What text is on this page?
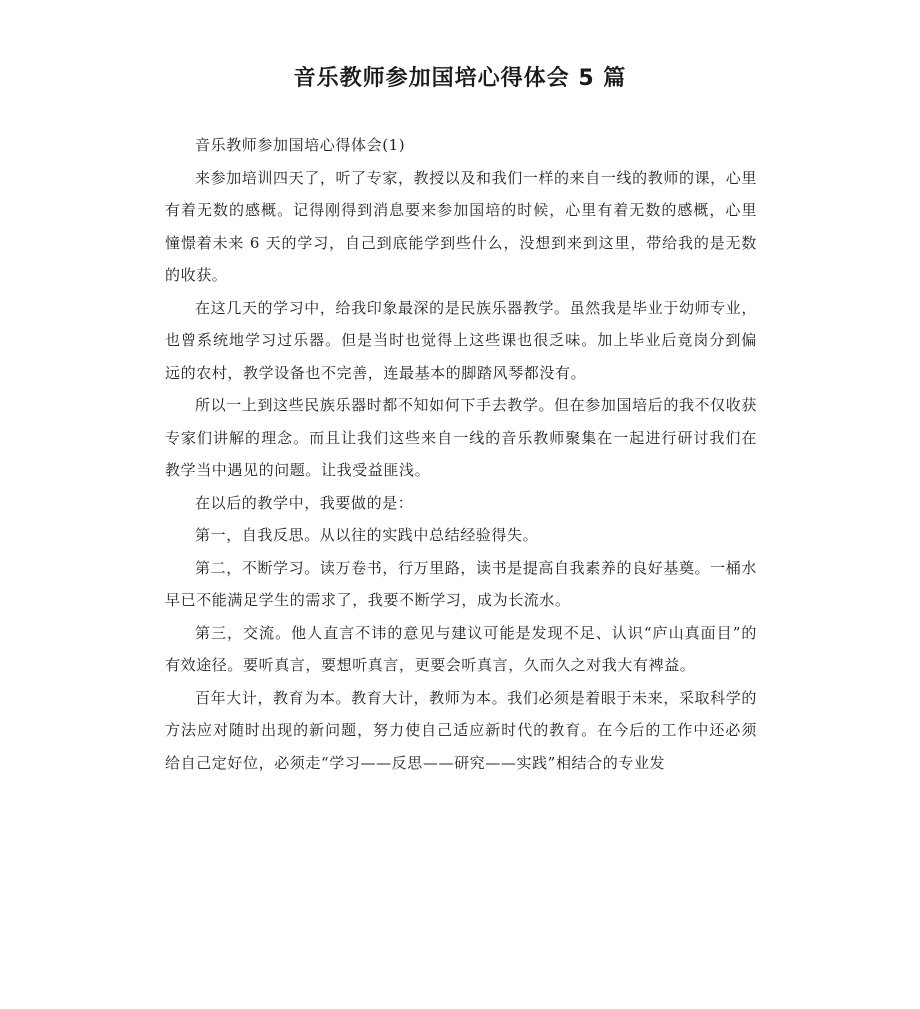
音乐教师参加国培心得体会 5 篇

音乐教师参加国培心得体会(1)

来参加培训四天了，听了专家，教授以及和我们一样的来自一线的教师的课，心里有着无数的感概。记得刚得到消息要来参加国培的时候，心里有着无数的感概，心里憧憬着未来 6 天的学习，自己到底能学到些什么，没想到来到这里，带给我的是无数的收获。

在这几天的学习中，给我印象最深的是民族乐器教学。虽然我是毕业于幼师专业，也曾系统地学习过乐器。但是当时也觉得上这些课也很乏味。加上毕业后竟岗分到偏远的农村，教学设备也不完善，连最基本的脚踏风琴都没有。

所以一上到这些民族乐器时都不知如何下手去教学。但在参加国培后的我不仅收获专家们讲解的理念。而且让我们这些来自一线的音乐教师聚集在一起进行研讨我们在教学当中遇见的问题。让我受益匪浅。

在以后的教学中，我要做的是：

第一，自我反思。从以往的实践中总结经验得失。

第二，不断学习。读万卷书，行万里路，读书是提高自我素养的良好基奠。一桶水早已不能满足学生的需求了，我要不断学习，成为长流水。

第三，交流。他人直言不讳的意见与建议可能是发现不足、认识“庐山真面目”的有效途径。要听真言，要想听真言，更要会听真言，久而久之对我大有裨益。

百年大计，教育为本。教育大计，教师为本。我们必须是着眼于未来，采取科学的方法应对随时出现的新问题，努力使自己适应新时代的教育。在今后的工作中还必须给自己定好位，必须走“学习——反思——研究——实践”相结合的专业发
